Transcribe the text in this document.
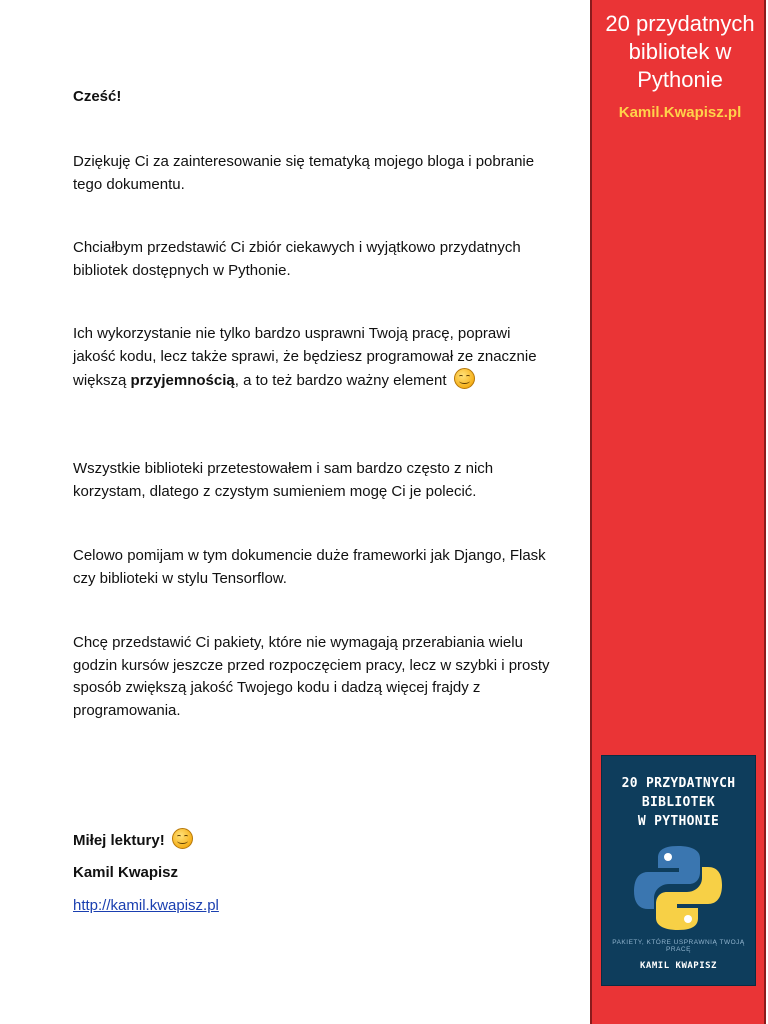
Cześć!

Dziękuję Ci za zainteresowanie się tematyką mojego bloga i pobranie tego dokumentu.

Chciałbym przedstawić Ci zbiór ciekawych i wyjątkowo przydatnych bibliotek dostępnych w Pythonie.

Ich wykorzystanie nie tylko bardzo usprawni Twoją pracę, poprawi jakość kodu, lecz także sprawi, że będziesz programował ze znacznie większą przyjemnością, a to też bardzo ważny element

Wszystkie biblioteki przetestowałem i sam bardzo często z nich korzystam, dlatego z czystym sumieniem mogę Ci je polecić.

Celowo pomijam w tym dokumencie duże frameworki jak Django, Flask czy biblioteki w stylu Tensorflow.

Chcę przedstawić Ci pakiety, które nie wymagają przerabiania wielu godzin kursów jeszcze przed rozpoczęciem pracy, lecz w szybki i prosty sposób zwiększą jakość Twojego kodu i dadzą więcej frajdy z programowania.

Miłej lektury!

Kamil Kwapisz

http://kamil.kwapisz.pl

20 przydatnych bibliotek w Pythonie
Kamil.Kwapisz.pl
20 PRZYDATNYCH
BIBLIOTEK
W PYTHONIE
PAKIETY, KTÓRE USPRAWNIĄ TWOJĄ PRACĘ
KAMIL KWAPISZ
